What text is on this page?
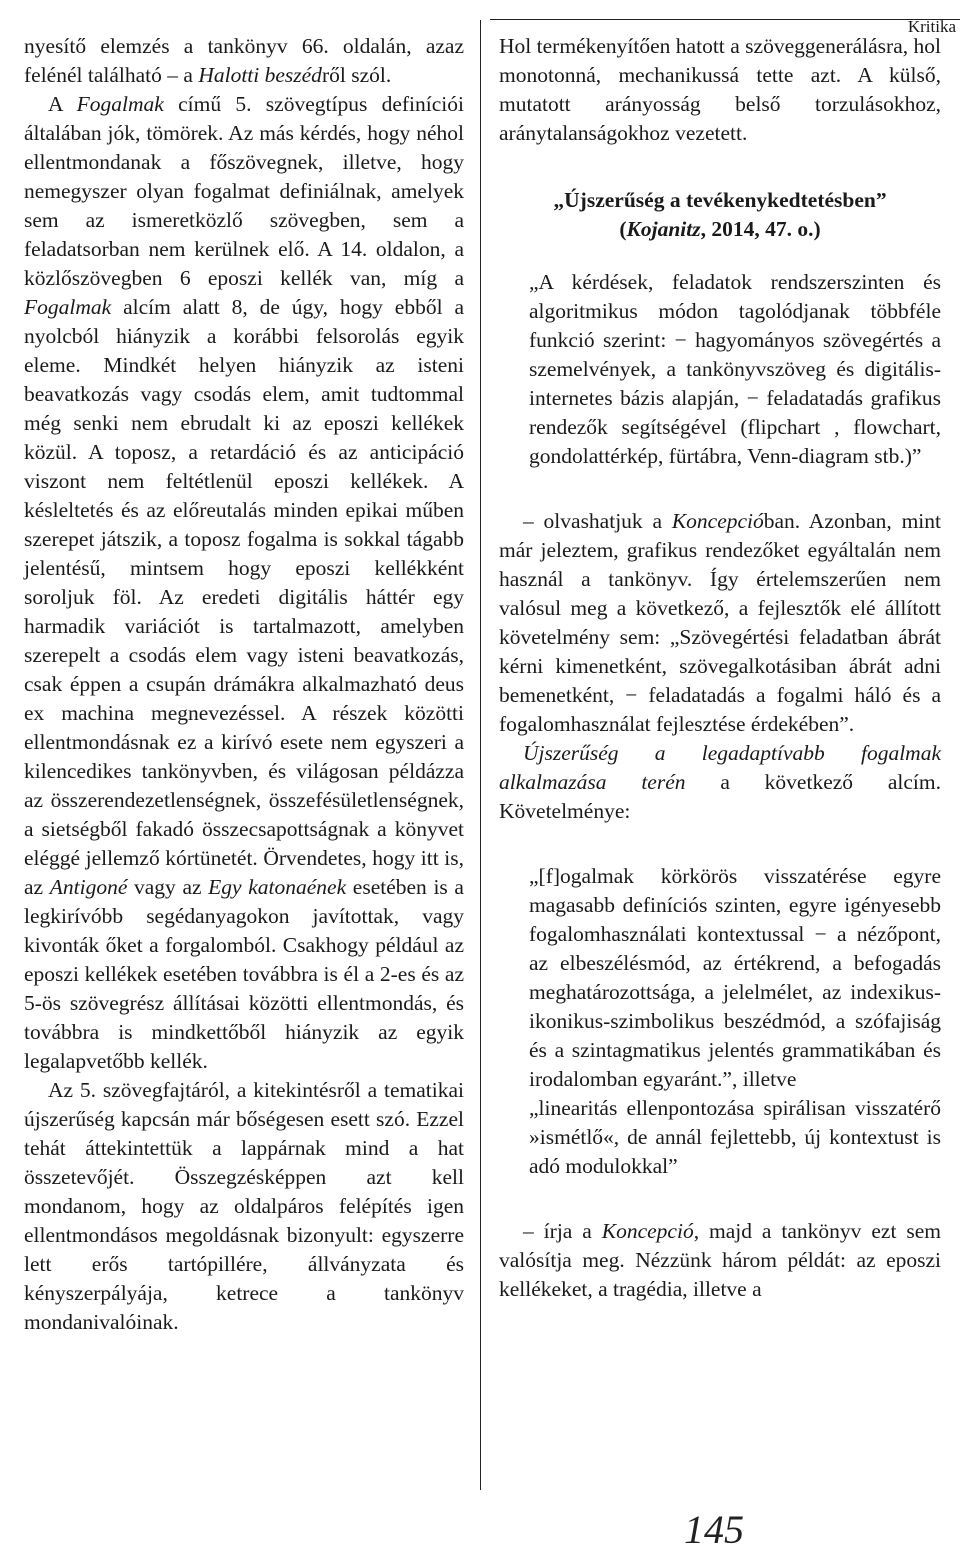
Kritika

nyesítő elemzés a tankönyv 66. oldalán, azaz felénél található – a Halotti beszédről szól.

A Fogalmak című 5. szövegtípus definíciói általában jók, tömörek. Az más kérdés, hogy néhol ellentmondanak a főszövegnek, illetve, hogy nemegyszer olyan fogalmat definiálnak, amelyek sem az ismeretközlő szövegben, sem a feladatsorban nem kerülnek elő. A 14. oldalon, a közlőszövegben 6 eposzi kellék van, míg a Fogalmak alcím alatt 8, de úgy, hogy ebből a nyolcból hiányzik a korábbi felsorolás egyik eleme. Mindkét helyen hiányzik az isteni beavatkozás vagy csodás elem, amit tudtommal még senki nem ebrudalt ki az eposzi kellékek közül. A toposz, a retardáció és az anticipáció viszont nem feltétlenül eposzi kellékek. A késleltetés és az előreutalás minden epikai műben szerepet játszik, a toposz fogalma is sokkal tágabb jelentésű, mintsem hogy eposzi kellékként soroljuk föl. Az eredeti digitális háttér egy harmadik variációt is tartalmazott, amelyben szerepelt a csodás elem vagy isteni beavatkozás, csak éppen a csupán drámákra alkalmazható deus ex machina megnevezéssel. A részek közötti ellentmondásnak ez a kirívó esete nem egyszeri a kilencedikes tankönyvben, és világosan példázza az összerendezetlenségnek, összefésületlenségnek, a sietségből fakadó összecsapottságnak a könyvet eléggé jellemző kórtünetét. Örvendetes, hogy itt is, az Antigoné vagy az Egy katonaének esetében is a legkirívóbb segédanyagokon javítottak, vagy kivonták őket a forgalomból. Csakhogy például az eposzi kellékek esetében továbbra is él a 2-es és az 5-ös szövegrész állításai közötti ellentmondás, és továbbra is mindkettőből hiányzik az egyik legalapvetőbb kellék.

Az 5. szövegfajtáról, a kitekintésről a tematikai újszerűség kapcsán már bőségesen esett szó. Ezzel tehát áttekintettük a lappárnak mind a hat összetevőjét. Összegzésképpen azt kell mondanom, hogy az oldalpáros felépítés igen ellentmondásos megoldásnak bizonyult: egyszerre lett erős tartópillére, állványzata és kényszerpályája, ketrece a tankönyv mondanivalóinak.

Hol termékenyítően hatott a szöveggenerálásra, hol monotonná, mechanikussá tette azt. A külső, mutatott arányosság belső torzulásokhoz, aránytalanságokhoz vezetett.

„Újszerűség a tevékenykedtetésben”
(Kojanitz, 2014, 47. o.)

„A kérdések, feladatok rendszerszinten és algoritmikus módon tagolódjanak többféle funkció szerint: − hagyományos szövegértés a szemelvények, a tankönyvszöveg és digitális-internetes bázis alapján, − feladatadás grafikus rendezők segítségével (flipchart , flowchart, gondolattérkép, fürtábra, Venn-diagram stb.)”

– olvashatjuk a Koncepcióban. Azonban, mint már jeleztem, grafikus rendezőket egyáltalán nem használ a tankönyv. Így értelemszerűen nem valósul meg a következő, a fejlesztők elé állított követelmény sem: „Szövegértési feladatban ábrát kérni kimenetként, szövegalkotásiban ábrát adni bemenetként, − feladatadás a fogalmi háló és a fogalomhasználat fejlesztése érdekében”.

Újszerűség a legadaptívabb fogalmak alkalmazása terén a következő alcím. Követelménye:

„[f]ogalmak körkörös visszatérése egyre magasabb definíciós szinten, egyre igényesebb fogalomhasználati kontextussal − a nézőpont, az elbeszélésmód, az értékrend, a befogadás meghatározottsága, a jelelmélet, az indexikus-ikonikus-szimbolikus beszédmód, a szófajiság és a szintagmatikus jelentés grammatikában és irodalomban egyaránt.”, illetve

„linearitás ellenpontozása spirálisan visszatérő »ismétlő«, de annál fejlettebb, új kontextust is adó modulokkal”

– írja a Koncepció, majd a tankönyv ezt sem valósítja meg. Nézzünk három példát: az eposzi kellékeket, a tragédia, illetve a

145
